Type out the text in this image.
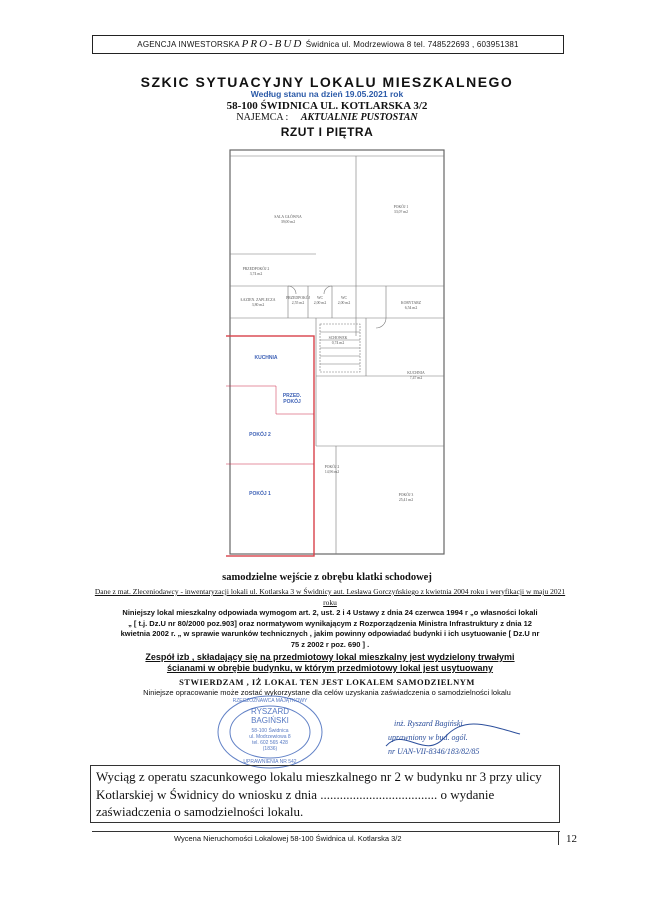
AGENCJA INWESTORSKA PRO-BUD Świdnica ul. Modrzewiowa 8 tel. 748522693 , 603951381
SZKIC SYTUACYJNY LOKALU MIESZKALNEGO
Według stanu na dzień 19.05.2021 rok
58-100 ŚWIDNICA UL. KOTLARSKA 3/2
NAJEMCA : AKTUALNIE PUSTOSTAN
RZUT I PIĘTRA
SALA GŁÓWNA
39,00 m2
POKÓJ 1
33,0? m2
PRZEDPOKÓJ 2
3,74 m2
ŁAZIEN. ZAPLECZA
3,80 m2
PRZEDPOKÓJ
2,55 m2
WC
2,00 m2
WC
2,00 m2	KORYTARZ
6,54 m2
SCHOWEK
0,74 m2
KUCHNIA
7,47 m2
POKÓJ 2
14,96 m2
POKÓJ 3
25,41 m2
KUCHNIA
PRZED.
POKÓJ
POKÓJ 2
POKÓJ 1
samodzielne wejście z obrębu klatki schodowej
Dane z mat. Zleceniodawcy - inwentaryzacji lokali ul. Kotlarska 3 w Świdnicy aut. Lesława Gorczyńskiego z kwietnia 2004 roku i weryfikacji w maju 2021 roku
Niniejszy lokal mieszkalny odpowiada wymogom art. 2, ust. 2 i 4 Ustawy z dnia 24 czerwca 1994 r „o własności lokali „ [ t.j. Dz.U nr 80/2000 poz.903] oraz normatywom wynikającym z Rozporządzenia Ministra Infrastruktury z dnia 12 kwietnia 2002 r. „ w sprawie warunków technicznych , jakim powinny odpowiadać budynki i ich usytuowanie [ Dz.U nr 75 z 2002 r poz. 690 ] .
Zespół izb , składający się na przedmiotowy lokal mieszkalny jest wydzielony trwałymi ścianami w obrębie budynku, w którym przedmiotowy lokal jest usytuowany
STWIERDZAM , IŻ LOKAL TEN JEST LOKALEM SAMODZIELNYM
Niniejsze opracowanie może zostać wykorzystane dla celów uzyskania zaświadczenia o samodzielności lokalu
RZECZOZNAWCA MAJĄTKOWY
RYSZARD
BAGIŃSKI
58-100 Świdnica
ul. Modrzewiowa 8
tel. 602 565 428
(1836)
UPRAWNIENIA NR 542
inż. Ryszard Bagiński
uprawniony w bud. ogól.
nr UAN-VII-8346/183/82/85
Wyciąg z operatu szacunkowego lokalu mieszkalnego nr 2 w budynku nr 3 przy ulicy Kotlarskiej w Świdnicy do wniosku z dnia .................................... o wydanie zaświadczenia o samodzielności lokalu.
Wycena Nieruchomości Lokalowej 58-100 Świdnica ul. Kotlarska 3/2	12
